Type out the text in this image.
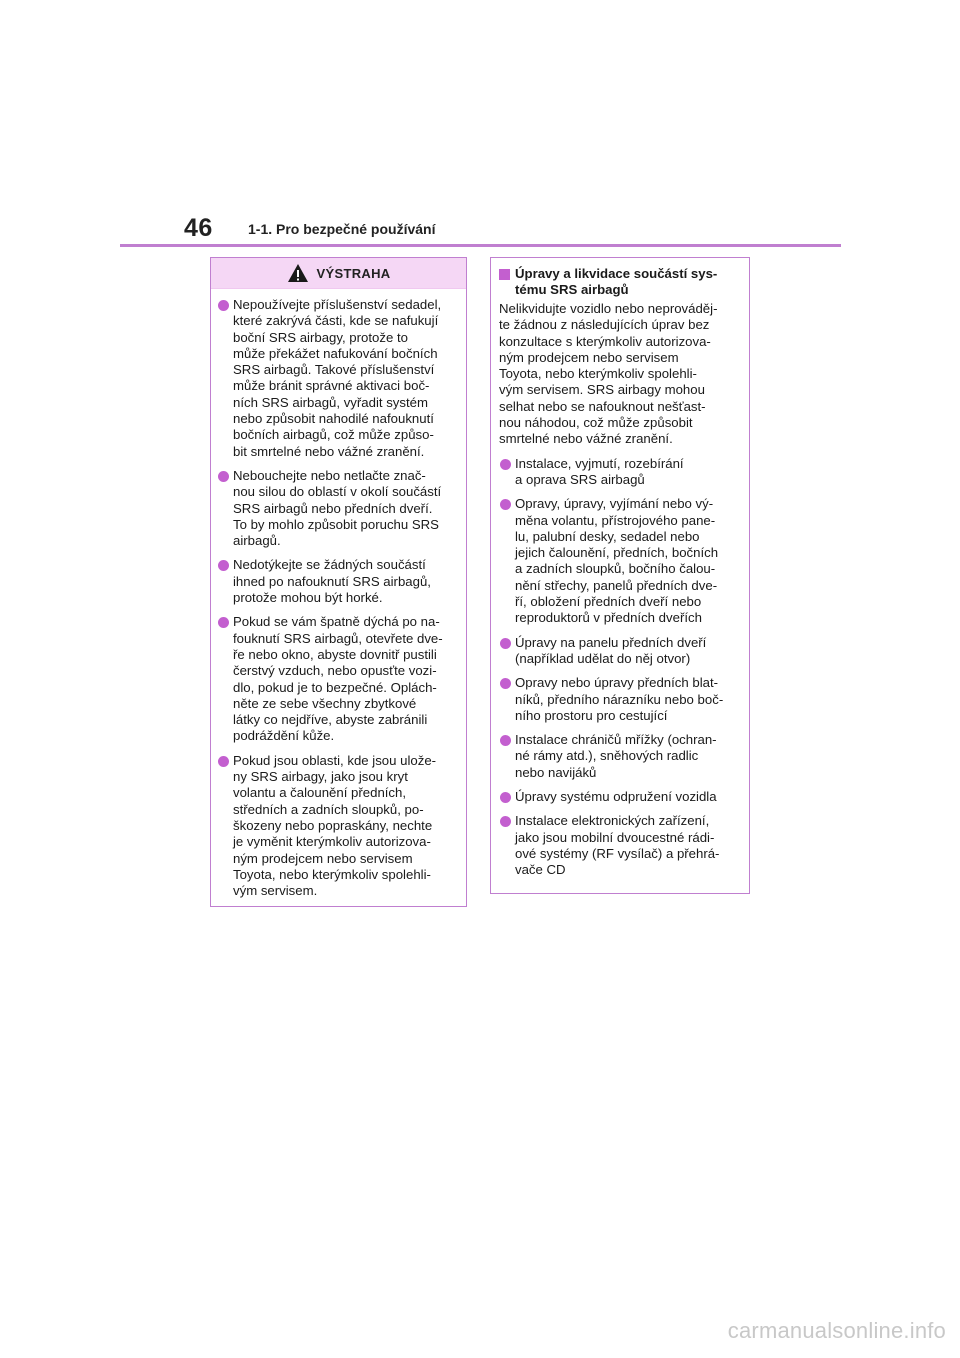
46	1-1. Pro bezpečné používání
VÝSTRAHA
Nepoužívejte příslušenství sedadel,
které zakrývá části, kde se nafukují
boční SRS airbagy, protože to
může překážet nafukování bočních
SRS airbagů. Takové příslušenství
může bránit správné aktivaci boč-
ních SRS airbagů, vyřadit systém
nebo způsobit nahodilé nafouknutí
bočních airbagů, což může způso-
bit smrtelné nebo vážné zranění.
Nebouchejte nebo netlačte znač-
nou silou do oblastí v okolí součástí
SRS airbagů nebo předních dveří.
To by mohlo způsobit poruchu SRS
airbagů.
Nedotýkejte se žádných součástí
ihned po nafouknutí SRS airbagů,
protože mohou být horké.
Pokud se vám špatně dýchá po na-
fouknutí SRS airbagů, otevřete dve-
ře nebo okno, abyste dovnitř pustili
čerstvý vzduch, nebo opusťte vozi-
dlo, pokud je to bezpečné. Oplách-
něte ze sebe všechny zbytkové
látky co nejdříve, abyste zabránili
podráždění kůže.
Pokud jsou oblasti, kde jsou ulože-
ny SRS airbagy, jako jsou kryt
volantu a čalounění předních,
středních a zadních sloupků, po-
škozeny nebo popraskány, nechte
je vyměnit kterýmkoliv autorizova-
ným prodejcem nebo servisem
Toyota, nebo kterýmkoliv spolehli-
vým servisem.
Úpravy a likvidace součástí sys-
tému SRS airbagů
Nelikvidujte vozidlo nebo neprováděj-
te žádnou z následujících úprav bez
konzultace s kterýmkoliv autorizova-
ným prodejcem nebo servisem
Toyota, nebo kterýmkoliv spolehli-
vým servisem. SRS airbagy mohou
selhat nebo se nafouknout nešťast-
nou náhodou, což může způsobit
smrtelné nebo vážné zranění.
Instalace, vyjmutí, rozebírání
a oprava SRS airbagů
Opravy, úpravy, vyjímání nebo vý-
měna volantu, přístrojového pane-
lu, palubní desky, sedadel nebo
jejich čalounění, předních, bočních
a zadních sloupků, bočního čalou-
nění střechy, panelů předních dve-
ří, obložení předních dveří nebo
reproduktorů v předních dveřích
Úpravy na panelu předních dveří
(například udělat do něj otvor)
Opravy nebo úpravy předních blat-
níků, předního nárazníku nebo boč-
ního prostoru pro cestující
Instalace chráničů mřížky (ochran-
né rámy atd.), sněhových radlic
nebo navijáků
Úpravy systému odpružení vozidla
Instalace elektronických zařízení,
jako jsou mobilní dvoucestné rádi-
ové systémy (RF vysílač) a přehrá-
vače CD
carmanualsonline.info
